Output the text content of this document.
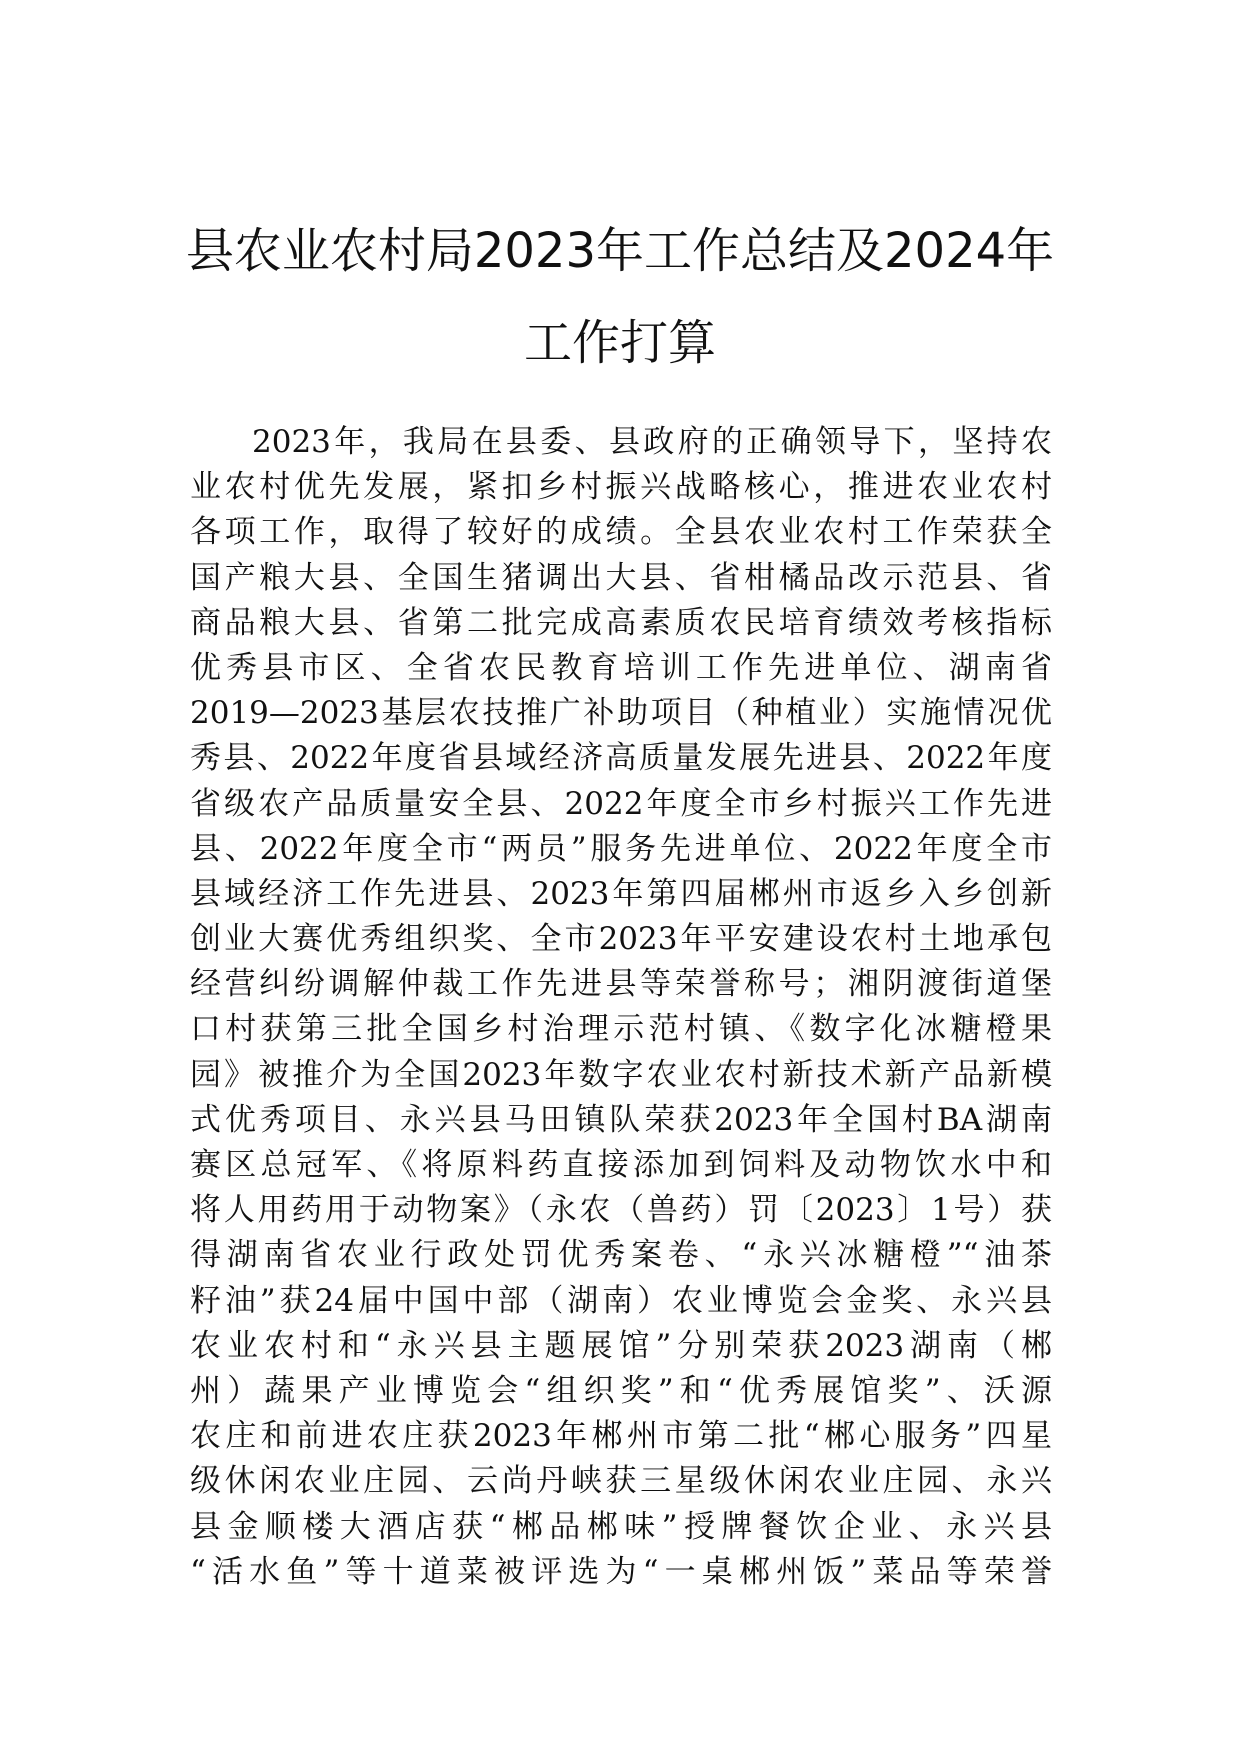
县农业农村局2023年工作总结及2024年
工作打算
2023年，我局在县委、县政府的正确领导下，坚持农
业农村优先发展，紧扣乡村振兴战略核心，推进农业农村
各项工作，取得了较好的成绩。全县农业农村工作荣获全
国产粮大县、全国生猪调出大县、省柑橘品改示范县、省
商品粮大县、省第二批完成高素质农民培育绩效考核指标
优秀县市区、全省农民教育培训工作先进单位、湖南省
2019—2023基层农技推广补助项目（种植业）实施情况优
秀县、2022年度省县域经济高质量发展先进县、2022年度
省级农产品质量安全县、2022年度全市乡村振兴工作先进
县、2022年度全市“两员”服务先进单位、2022年度全市
县域经济工作先进县、2023年第四届郴州市返乡入乡创新
创业大赛优秀组织奖、全市2023年平安建设农村土地承包
经营纠纷调解仲裁工作先进县等荣誉称号；湘阴渡街道堡
口村获第三批全国乡村治理示范村镇、《数字化冰糖橙果
园》被推介为全国2023年数字农业农村新技术新产品新模
式优秀项目、永兴县马田镇队荣获2023年全国村BA湖南
赛区总冠军、《将原料药直接添加到饲料及动物饮水中和
将人用药用于动物案》（永农（兽药）罚〔2023〕1号）获
得湖南省农业行政处罚优秀案卷、“永兴冰糖橙”“油茶
籽油”获24届中国中部（湖南）农业博览会金奖、永兴县
农业农村和“永兴县主题展馆”分别荣获2023湖南（郴
州）蔬果产业博览会“组织奖”和“优秀展馆奖”、沃源
农庄和前进农庄获2023年郴州市第二批“郴心服务”四星
级休闲农业庄园、云尚丹峡获三星级休闲农业庄园、永兴
县金顺楼大酒店获“郴品郴味”授牌餐饮企业、永兴县
“活水鱼”等十道菜被评选为“一桌郴州饭”菜品等荣誉
